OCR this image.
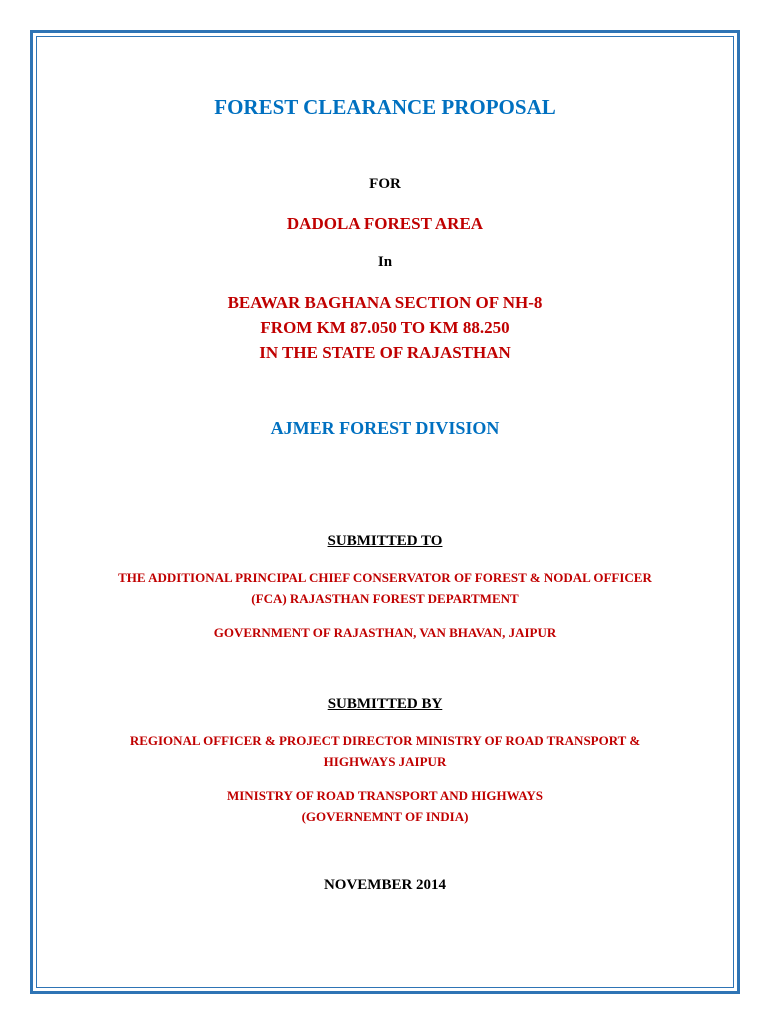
FOREST CLEARANCE PROPOSAL
FOR
DADOLA FOREST AREA
In
BEAWAR BAGHANA SECTION OF NH-8
FROM KM 87.050 TO KM 88.250
IN THE STATE OF RAJASTHAN
AJMER FOREST DIVISION
SUBMITTED TO
THE ADDITIONAL PRINCIPAL CHIEF CONSERVATOR OF FOREST & NODAL OFFICER
(FCA) RAJASTHAN FOREST DEPARTMENT
GOVERNMENT OF RAJASTHAN, VAN BHAVAN, JAIPUR
SUBMITTED BY
REGIONAL OFFICER & PROJECT DIRECTOR MINISTRY OF ROAD TRANSPORT &
HIGHWAYS JAIPUR
MINISTRY OF ROAD TRANSPORT AND HIGHWAYS
(GOVERNEMNT OF INDIA)
NOVEMBER 2014
